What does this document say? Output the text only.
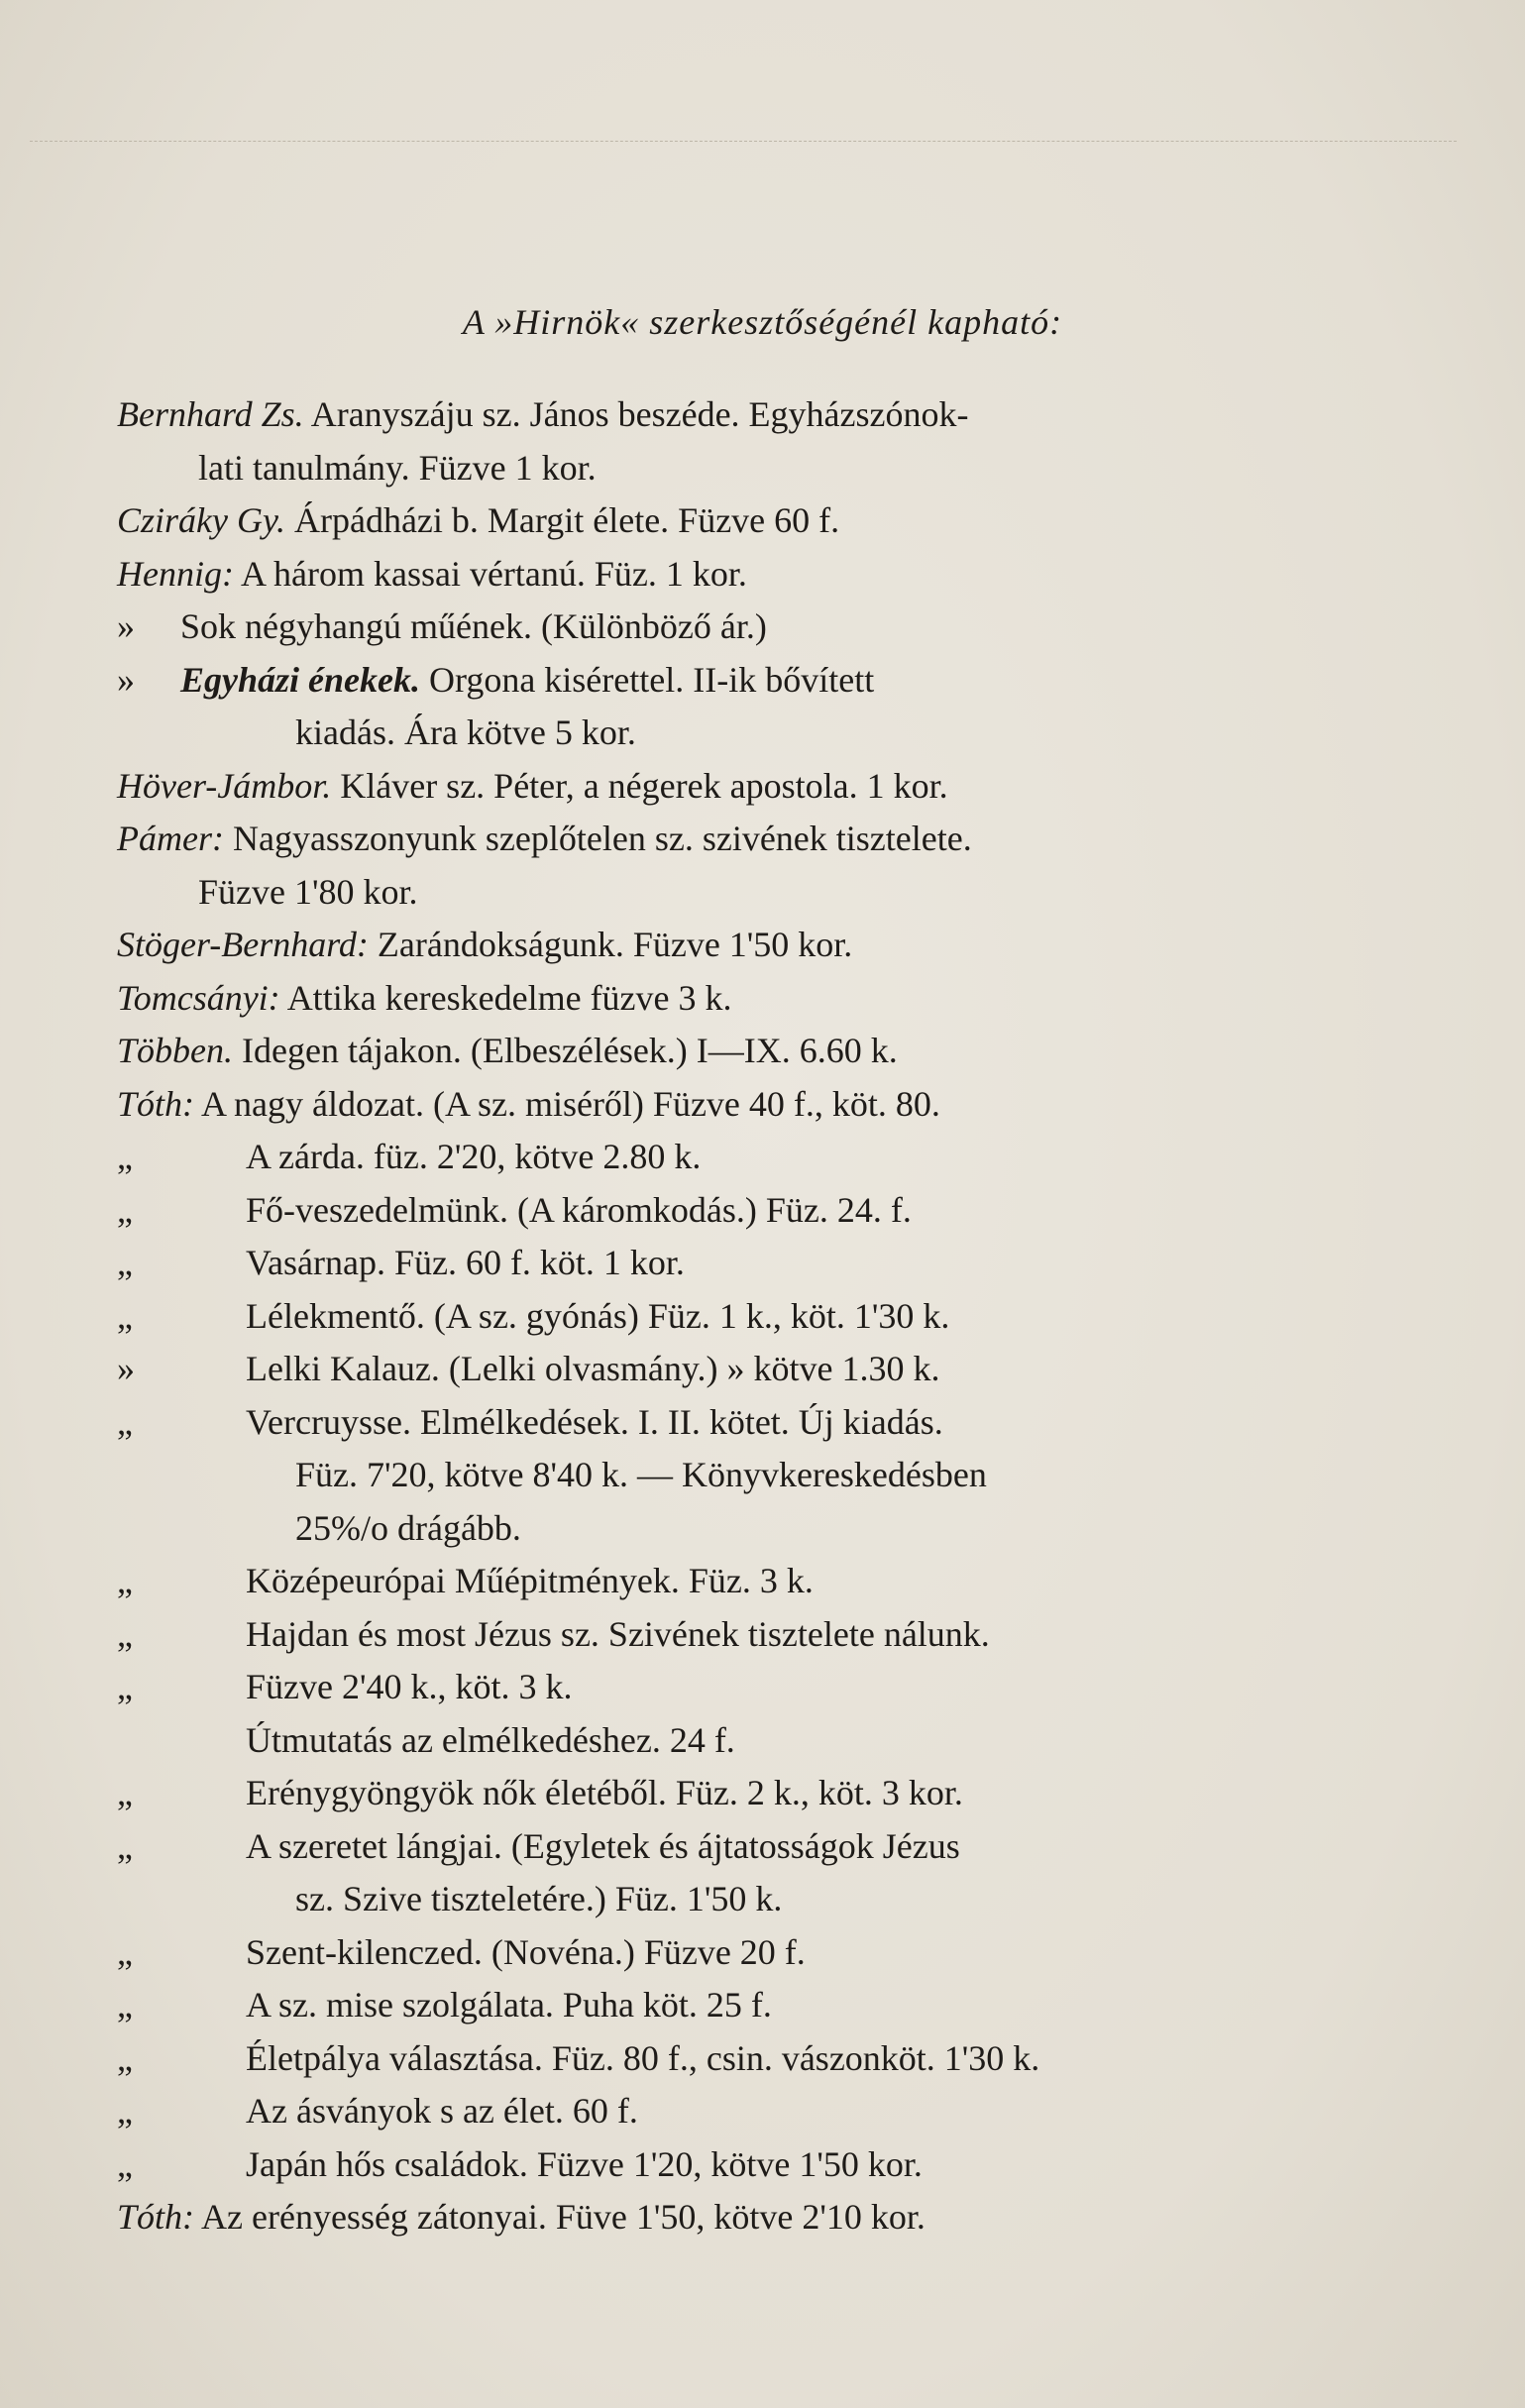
A »Hirnök« szerkesztőségénél kapható:
Bernhard Zs. Aranyszáju sz. János beszéde. Egyházszónok-
lati tanulmány. Füzve 1 kor.
Cziráky Gy. Árpádházi b. Margit élete. Füzve 60 f.
Hennig: A három kassai vértanú. Füz. 1 kor.
» Sok négyhangú műének. (Különböző ár.)
» Egyházi énekek. Orgona kisérettel. II-ik bővített
kiadás. Ára kötve 5 kor.
Höver-Jámbor. Kláver sz. Péter, a négerek apostola. 1 kor.
Pámer: Nagyasszonyunk szeplőtelen sz. szivének tisztelete.
Füzve 1'80 kor.
Stöger-Bernhard: Zarándokságunk. Füzve 1'50 kor.
Tomcsányi: Attika kereskedelme füzve 3 k.
Többen. Idegen tájakon. (Elbeszélések.) I—IX. 6.60 k.
Tóth: A nagy áldozat. (A sz. miséről) Füzve 40 f., köt. 80.
„	A zárda. füz. 2'20, kötve 2.80 k.
„	Fő-veszedelmünk. (A káromkodás.) Füz. 24. f.
„	Vasárnap. Füz. 60 f. köt. 1 kor.
„	Lélekmentő. (A sz. gyónás) Füz. 1 k., köt. 1'30 k.
»	Lelki Kalauz. (Lelki olvasmány.) » kötve 1.30 k.
„	Vercruysse. Elmélkedések. I. II. kötet. Új kiadás.
Füz. 7'20, kötve 8'40 k. — Könyvkereskedésben
25%/o drágább.
„	Középeurópai Műépitmények. Füz. 3 k.
„	Hajdan és most Jézus sz. Szivének tisztelete nálunk.
„	Füzve 2'40 k., köt. 3 k.
Útmutatás az elmélkedéshez. 24 f.
„	Erénygyöngyök nők életéből. Füz. 2 k., köt. 3 kor.
„	A szeretet lángjai. (Egyletek és ájtatosságok Jézus
sz. Szive tiszteletére.) Füz. 1'50 k.
„	Szent-kilenczed. (Novéna.) Füzve 20 f.
„	A sz. mise szolgálata. Puha köt. 25 f.
„	Életpálya választása. Füz. 80 f., csin. vászonköt. 1'30 k.
„	Az ásványok s az élet. 60 f.
„	Japán hős családok. Füzve 1'20, kötve 1'50 kor.
Tóth: Az erényesség zátonyai. Füve 1'50, kötve 2'10 kor.
